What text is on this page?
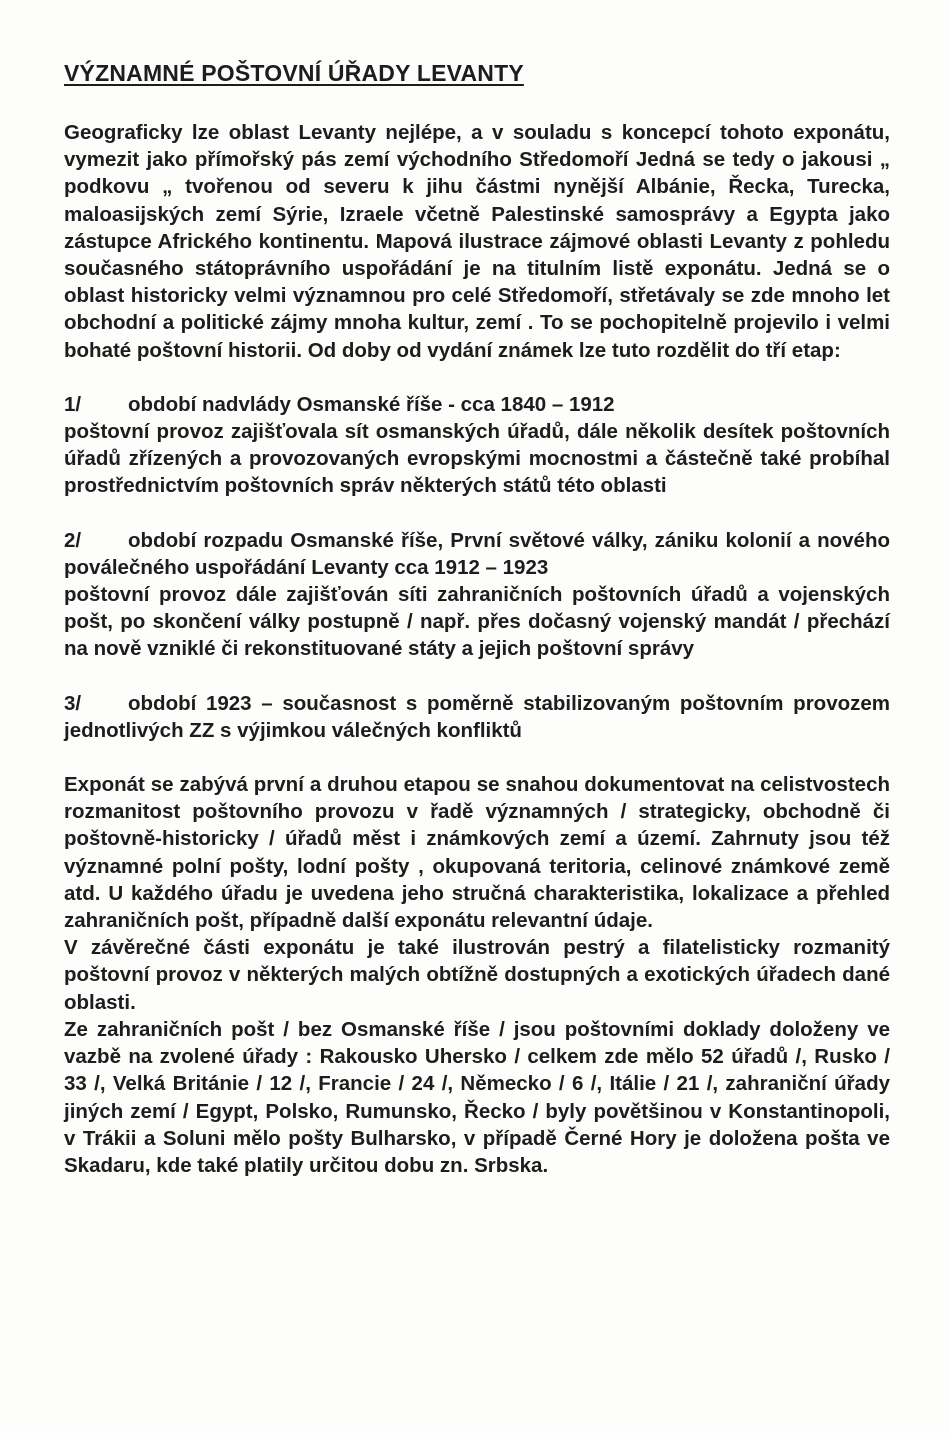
VÝZNAMNÉ POŠTOVNÍ ÚŘADY LEVANTY

Geograficky lze oblast Levanty nejlépe, a v souladu s koncepcí tohoto exponátu, vymezit jako přímořský pás zemí východního Středomoří Jedná se tedy o jakousi „ podkovu „ tvořenou od severu k jihu částmi nynější Albánie, Řecka, Turecka, maloasijských zemí Sýrie, Izraele včetně Palestinské samosprávy a Egypta jako zástupce Afrického kontinentu. Mapová ilustrace zájmové oblasti Levanty z pohledu současného státoprávního uspořádání je na titulním listě exponátu. Jedná se o oblast historicky velmi významnou pro celé Středomoří, střetávaly se zde mnoho let obchodní a politické zájmy mnoha kultur, zemí . To se pochopitelně projevilo i velmi bohaté poštovní historii. Od doby od vydání známek lze tuto rozdělit do tří etap:

1/ období nadvlády Osmanské říše - cca 1840 – 1912

poštovní provoz zajišťovala sít osmanských úřadů, dále několik desítek poštovních úřadů zřízených a provozovaných evropskými mocnostmi a částečně také probíhal prostřednictvím poštovních správ některých států této oblasti

2/ období rozpadu Osmanské říše, První světové války, zániku kolonií a nového poválečného uspořádání Levanty cca 1912 – 1923

poštovní provoz dále zajišťován síti zahraničních poštovních úřadů a vojenských pošt, po skončení války postupně / např. přes dočasný vojenský mandát / přechází na nově vzniklé či rekonstituované státy a jejich poštovní správy

3/ období 1923 – současnost s poměrně stabilizovaným poštovním provozem jednotlivých ZZ s výjimkou válečných konfliktů

Exponát se zabývá první a druhou etapou se snahou dokumentovat na celistvostech rozmanitost poštovního provozu v řadě významných / strategicky, obchodně či poštovně-historicky / úřadů měst i známkových zemí a území. Zahrnuty jsou též významné polní pošty, lodní pošty , okupovaná teritoria, celinové známkové země atd. U každého úřadu je uvedena jeho stručná charakteristika, lokalizace a přehled zahraničních pošt, případně další exponátu relevantní údaje.

V závěrečné části exponátu je také ilustrován pestrý a filatelisticky rozmanitý poštovní provoz v některých malých obtížně dostupných a exotických úřadech dané oblasti.

Ze zahraničních pošt / bez Osmanské říše / jsou poštovními doklady doloženy ve vazbě na zvolené úřady : Rakousko Uhersko / celkem zde mělo 52 úřadů /, Rusko / 33 /, Velká Británie / 12 /, Francie / 24 /, Německo / 6 /, Itálie / 21 /, zahraniční úřady jiných zemí / Egypt, Polsko, Rumunsko, Řecko / byly povětšinou v Konstantinopoli, v Trákii a Soluni mělo pošty Bulharsko, v případě Černé Hory je doložena pošta ve Skadaru, kde také platily určitou dobu zn. Srbska.
